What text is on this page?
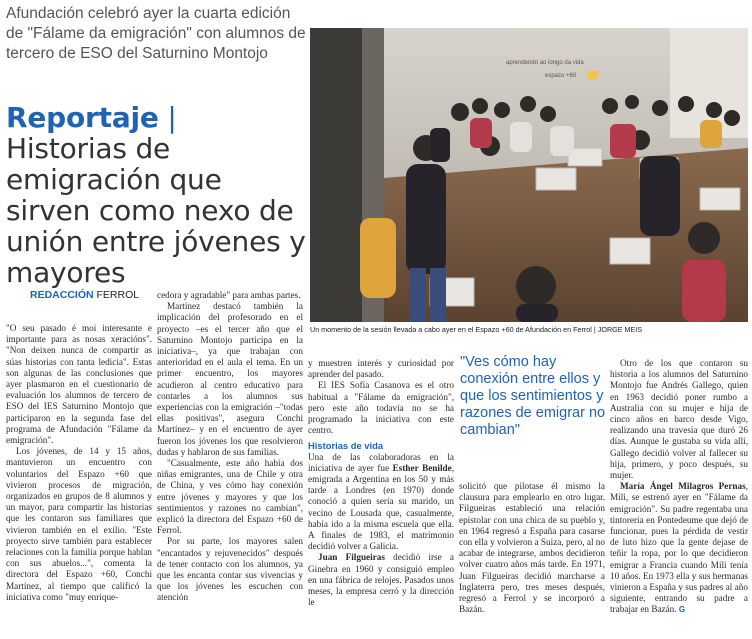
Afundación celebró ayer la cuarta edición de "Fálame da emigración" con alumnos de tercero de ESO del Saturnino Montojo
Reportaje | Historias de emigración que sirven como nexo de unión entre jóvenes y mayores
REDACCIÓN FERROL
aprendendo ao longo da vida
espazo +60
Un momento de la sesión llevada a cabo ayer en el Espazo +60 de Afundación en Ferrol | JORGE MEIS

"O seu pasado é moi interesante e importante para as nosas xeracións". "Non deixen nunca de compartir as súas historias con tanta ledicia". Estas son algunas de las conclusiones que ayer plasmaron en el cuestionario de evaluación los alumnos de tercero de ESO del IES Saturnino Montojo que participaron en la segunda fase del programa de Afundación "Fálame da emigración".

Los jóvenes, de 14 y 15 años, mantuvieron un encuentro con voluntarios del Espazo +60 que vivieron procesos de migración, organizados en grupos de 8 alumnos y un mayor, para compartir las historias que les contaron sus familiares que vivieron también en el exilio. "Este proyecto sirve también para establecer relaciones con la familia porque hablan con sus abuelos...", comenta la directora del Espazo +60, Conchi Martínez, al tiempo que calificó la iniciativa como "muy enrique-

cedora y agradable" para ambas partes.

Martínez destacó también la implicación del profesorado en el proyecto –es el tercer año que el Saturnino Montojo participa en la iniciativa–, ya que trabajan con anterioridad en el aula el tema. En un primer encuentro, los mayores acudieron al centro educativo para contarles a los alumnos sus experiencias con la emigración –"todas ellas positivas", asegura Conchi Martínez– y en el encuentro de ayer fueron los jóvenes los que resolvieron dudas y hablaron de sus familias.

"Casualmente, este año había dos niñas emigrantes, una de Chile y otra de China, y ves cómo hay conexión entre jóvenes y mayores y que los sentimientos y razones no cambian", explicó la directora del Espazo +60 de Ferrol.

Por su parte, los mayores salen "encantados y rejuvenecidos" después de tener contacto con los alumnos, ya que les encanta contar sus vivencias y que los jóvenes les escuchen con atención

y muestren interés y curiosidad por aprender del pasado.

El IES Sofía Casanova es el otro habitual a "Fálame da emigración", pero este año todavía no se ha programado la iniciativa con este centro.

Historias de vida

Una de las colaboradoras en la iniciativa de ayer fue Esther Benilde, emigrada a Argentina en los 50 y más tarde a Londres (en 1970) donde conoció a quien sería su marido, un vecino de Lousada que, casualmente, había ido a la misma escuela que ella. A finales de 1983, el matrimonio decidió volver a Galicia.

Juan Filgueiras decidió irse a Ginebra en 1960 y consiguió empleo en una fábrica de relojes. Pasados unos meses, la empresa cerró y la dirección le

"Ves cómo hay conexión entre ellos y que los sentimientos y razones de emigrar no cambian"

solicitó que pilotase él mismo la clausura para emplearlo en otro lugar. Filgueiras estableció una relación epistolar con una chica de su pueblo y, en 1964 regresó a España para casarse con ella y volvieron a Suiza, pero, al no acabar de integrarse, ambos decidieron volver cuatro años más tarde. En 1971, Juan Filgueiras decidió marcharse a Inglaterra pero, tres meses después, regresó a Ferrol y se incorporó a Bazán.

Otro de los que contaron su historia a los alumnos del Saturnino Montojo fue Andrés Gallego, quien en 1963 decidió poner rumbo a Australia con su mujer e hija de cinco años en barco desde Vigo, realizando una travesía que duró 26 días. Aunque le gustaba su vida allí, Gallego decidió volver al fallecer su hija, primero, y poco después, su mujer.

María Ángel Milagros Pernas, Mili, se estrenó ayer en "Fálame da emigración". Su padre regentaba una tintorería en Pontedeume que dejó de funcionar, pues la pérdida de vestir de luto hizo que la gente dejase de teñir la ropa, por lo que decidieron emigrar a Francia cuando Mili tenía 10 años. En 1973 ella y sus hermanas vinieron a España y sus padres al año siguiente, entrando su padre a trabajar en Bazán. G
